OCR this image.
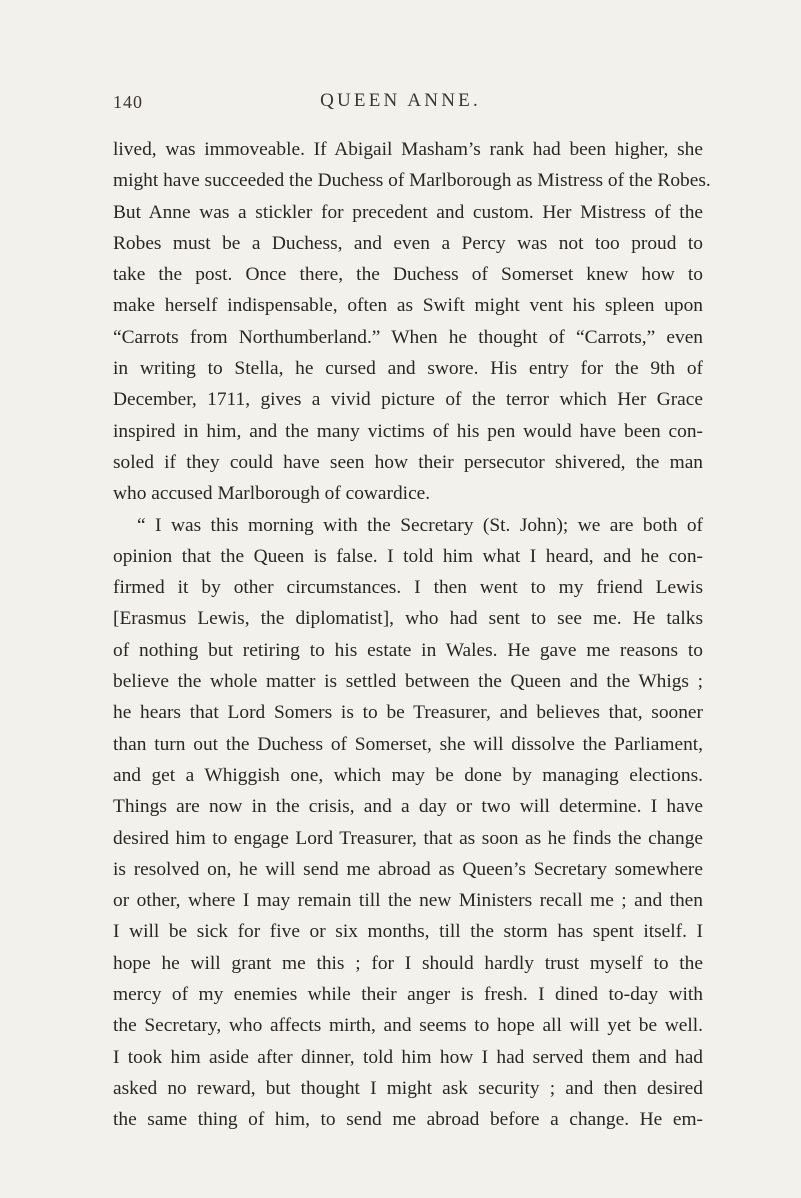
140	QUEEN ANNE.
lived, was immoveable. If Abigail Masham’s rank had been higher, she
might have succeeded the Duchess of Marlborough as Mistress of the Robes.
But Anne was a stickler for precedent and custom. Her Mistress of the
Robes must be a Duchess, and even a Percy was not too proud to
take the post. Once there, the Duchess of Somerset knew how to
make herself indispensable, often as Swift might vent his spleen upon
“Carrots from Northumberland.” When he thought of “Carrots,” even
in writing to Stella, he cursed and swore. His entry for the 9th of
December, 1711, gives a vivid picture of the terror which Her Grace
inspired in him, and the many victims of his pen would have been con-
soled if they could have seen how their persecutor shivered, the man
who accused Marlborough of cowardice.
“ I was this morning with the Secretary (St. John); we are both of
opinion that the Queen is false. I told him what I heard, and he con-
firmed it by other circumstances. I then went to my friend Lewis
[Erasmus Lewis, the diplomatist], who had sent to see me. He talks
of nothing but retiring to his estate in Wales. He gave me reasons to
believe the whole matter is settled between the Queen and the Whigs ;
he hears that Lord Somers is to be Treasurer, and believes that, sooner
than turn out the Duchess of Somerset, she will dissolve the Parliament,
and get a Whiggish one, which may be done by managing elections.
Things are now in the crisis, and a day or two will determine. I have
desired him to engage Lord Treasurer, that as soon as he finds the change
is resolved on, he will send me abroad as Queen’s Secretary somewhere
or other, where I may remain till the new Ministers recall me ; and then
I will be sick for five or six months, till the storm has spent itself. I
hope he will grant me this ; for I should hardly trust myself to the
mercy of my enemies while their anger is fresh. I dined to-day with
the Secretary, who affects mirth, and seems to hope all will yet be well.
I took him aside after dinner, told him how I had served them and had
asked no reward, but thought I might ask security ; and then desired
the same thing of him, to send me abroad before a change. He em-
